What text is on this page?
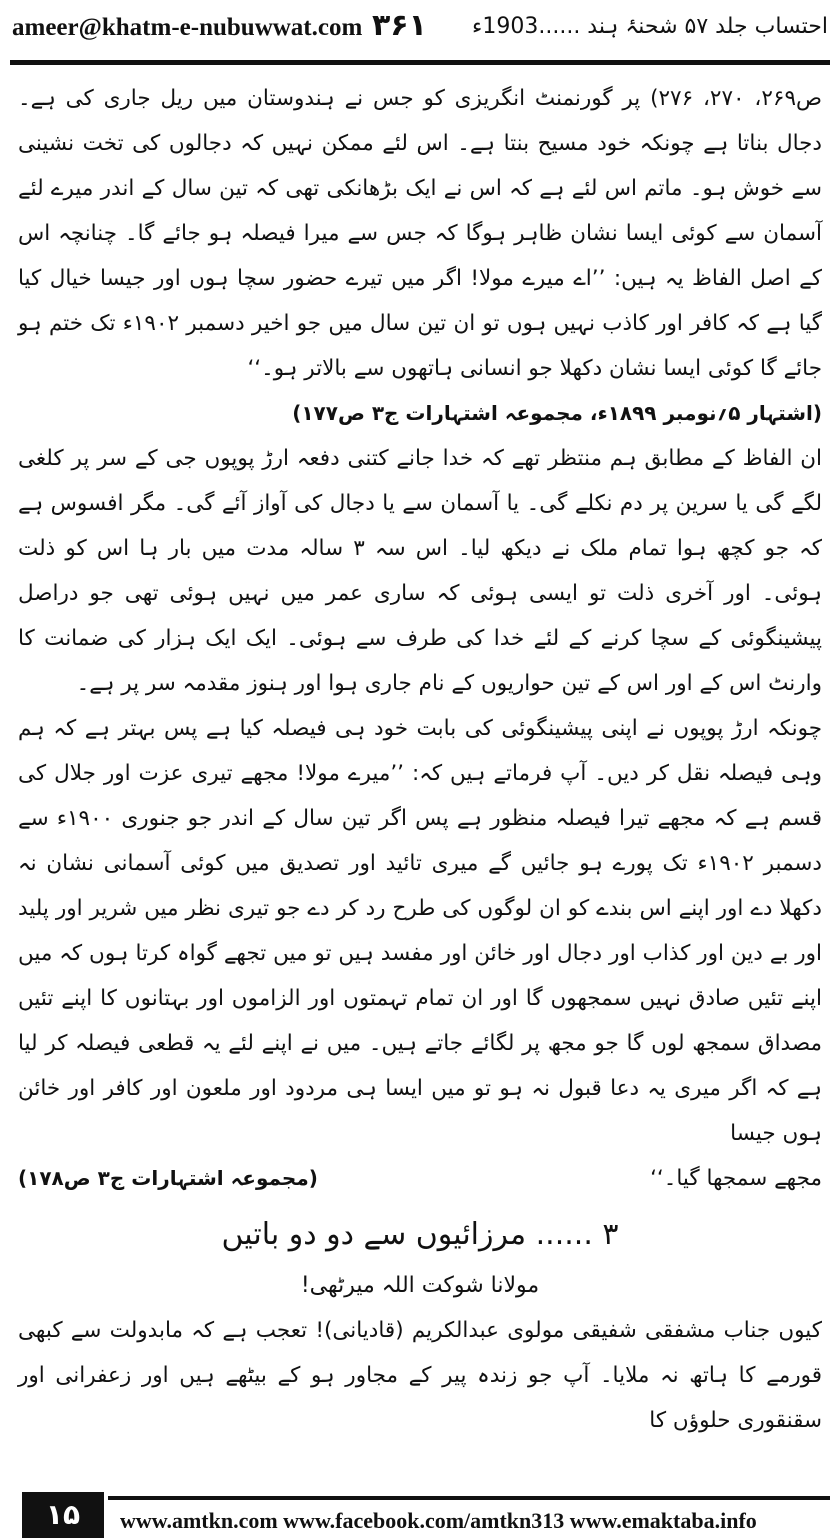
ameer@khatm-e-nubuwwat.com ۳۶۱ احتساب جلد ۵۷ شحنۂ ہند ......1903ء

ص۲۶۹، ۲۷۰، ۲۷۶) پر گورنمنٹ انگریزی کو جس نے ہندوستان میں ریل جاری کی ہے۔ دجال بناتا ہے چونکہ خود مسیح بنتا ہے۔ اس لئے ممکن نہیں کہ دجالوں کی تخت نشینی سے خوش ہو۔ ماتم اس لئے ہے کہ اس نے ایک بڑھانکی تھی کہ تین سال کے اندر میرے لئے آسمان سے کوئی ایسا نشان ظاہر ہوگا کہ جس سے میرا فیصلہ ہو جائے گا۔ چنانچہ اس کے اصل الفاظ یہ ہیں: ’’اے میرے مولا! اگر میں تیرے حضور سچا ہوں اور جیسا خیال کیا گیا ہے کہ کافر اور کاذب نہیں ہوں تو ان تین سال میں جو اخیر دسمبر ۱۹۰۲ء تک ختم ہو جائے گا کوئی ایسا نشان دکھلا جو انسانی ہاتھوں سے بالاتر ہو۔‘‘

(اشتہار ۵؍نومبر ۱۸۹۹ء، مجموعہ اشتہارات ج۳ ص۱۷۷)

ان الفاظ کے مطابق ہم منتظر تھے کہ خدا جانے کتنی دفعہ ارڑ پوپوں جی کے سر پر کلغی لگے گی یا سرین پر دم نکلے گی۔ یا آسمان سے یا دجال کی آواز آئے گی۔ مگر افسوس ہے کہ جو کچھ ہوا تمام ملک نے دیکھ لیا۔ اس سہ ۳ سالہ مدت میں بار ہا اس کو ذلت ہوئی۔ اور آخری ذلت تو ایسی ہوئی کہ ساری عمر میں نہیں ہوئی تھی جو دراصل پیشینگوئی کے سچا کرنے کے لئے خدا کی طرف سے ہوئی۔ ایک ایک ہزار کی ضمانت کا وارنٹ اس کے اور اس کے تین حواریوں کے نام جاری ہوا اور ہنوز مقدمہ سر پر ہے۔

چونکہ ارڑ پوپوں نے اپنی پیشینگوئی کی بابت خود ہی فیصلہ کیا ہے پس بہتر ہے کہ ہم وہی فیصلہ نقل کر دیں۔ آپ فرماتے ہیں کہ: ’’میرے مولا! مجھے تیری عزت اور جلال کی قسم ہے کہ مجھے تیرا فیصلہ منظور ہے پس اگر تین سال کے اندر جو جنوری ۱۹۰۰ء سے دسمبر ۱۹۰۲ء تک پورے ہو جائیں گے میری تائید اور تصدیق میں کوئی آسمانی نشان نہ دکھلا دے اور اپنے اس بندے کو ان لوگوں کی طرح رد کر دے جو تیری نظر میں شریر اور پلید اور بے دین اور کذاب اور دجال اور خائن اور مفسد ہیں تو میں تجھے گواہ کرتا ہوں کہ میں اپنے تئیں صادق نہیں سمجھوں گا اور ان تمام تہمتوں اور الزاموں اور بہتانوں کا اپنے تئیں مصداق سمجھ لوں گا جو مجھ پر لگائے جاتے ہیں۔ میں نے اپنے لئے یہ قطعی فیصلہ کر لیا ہے کہ اگر میری یہ دعا قبول نہ ہو تو میں ایسا ہی مردود اور ملعون اور کافر اور خائن ہوں جیسا

مجھے سمجھا گیا۔‘‘
(مجموعہ اشتہارات ج۳ ص۱۷۸)

۳ ...... مرزائیوں سے دو دو باتیں

مولانا شوکت اللہ میرٹھی!

کیوں جناب مشفقی شفیقی مولوی عبدالکریم (قادیانی)! تعجب ہے کہ مابدولت سے کبھی قورمے کا ہاتھ نہ ملایا۔ آپ جو زندہ پیر کے مجاور ہو کے بیٹھے ہیں اور زعفرانی اور سقنقوری حلوؤں کا

۱۵	www.amtkn.com www.facebook.com/amtkn313 www.emaktaba.info
